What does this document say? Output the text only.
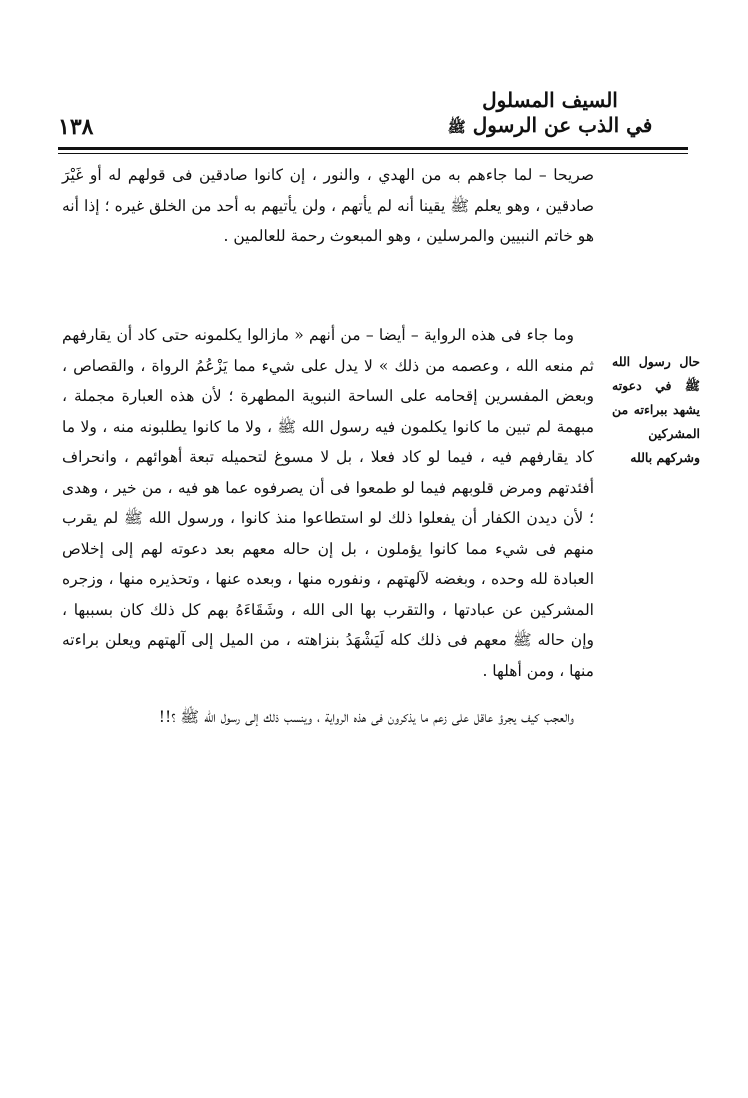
١٣٨
السيف المسلول
في الذب عن الرسول ﷺ
حال رسول الله ﷺ في دعوته يشهد ببراءته من المشركين وشركهم بالله

صريحا – لما جاءهم به من الهدي ، والنور ، إن كانوا صادقين فى قولهم له أو غَيْرَ صادقين ، وهو يعلم ﷺ يقينا أنه لم يأتهم ، ولن يأتيهم به أحد من الخلق غيره ؛ إذا أنه هو خاتم النبيين والمرسلين ، وهو المبعوث رحمة للعالمين .

وما جاء فى هذه الرواية – أيضا – من أنهم « مازالوا يكلمونه حتى كاد أن يقارفهم ثم منعه الله ، وعصمه من ذلك » لا يدل على شيء مما يَزْعُمُ الرواة ، والقصاص ، وبعض المفسرين إقحامه على الساحة النبوية المطهرة ؛ لأن هذه العبارة مجملة ، مبهمة لم تبين ما كانوا يكلمون فيه رسول الله ﷺ ، ولا ما كانوا يطلبونه منه ، ولا ما كاد يقارفهم فيه ، فيما لو كاد فعلا ، بل لا مسوغ لتحميله تبعة أهوائهم ، وانحراف أفئدتهم ومرض قلوبهم فيما لو طمعوا فى أن يصرفوه عما هو فيه ، من خير ، وهدى ؛ لأن ديدن الكفار أن يفعلوا ذلك لو استطاعوا منذ كانوا ، ورسول الله ﷺ لم يقرب منهم فى شيء مما كانوا يؤملون ، بل إن حاله معهم بعد دعوته لهم إلى إخلاص العبادة لله وحده ، وبغضه لآلهتهم ، ونفوره منها ، وبعده عنها ، وتحذيره منها ، وزجره المشركين عن عبادتها ، والتقرب بها الى الله ، وشَقَاءَهُ بهم كل ذلك كان بسببها ، وإن حاله ﷺ معهم فى ذلك كله لَيَشْهَدُ بنزاهته ، من الميل إلى آلهتهم ويعلن براءته منها ، ومن أهلها .

والعجب كيف يجرؤ عاقل على زعم ما يذكرون فى هذه الرواية ، وينسب ذلك إلى رسول الله ﷺ ؟!!
